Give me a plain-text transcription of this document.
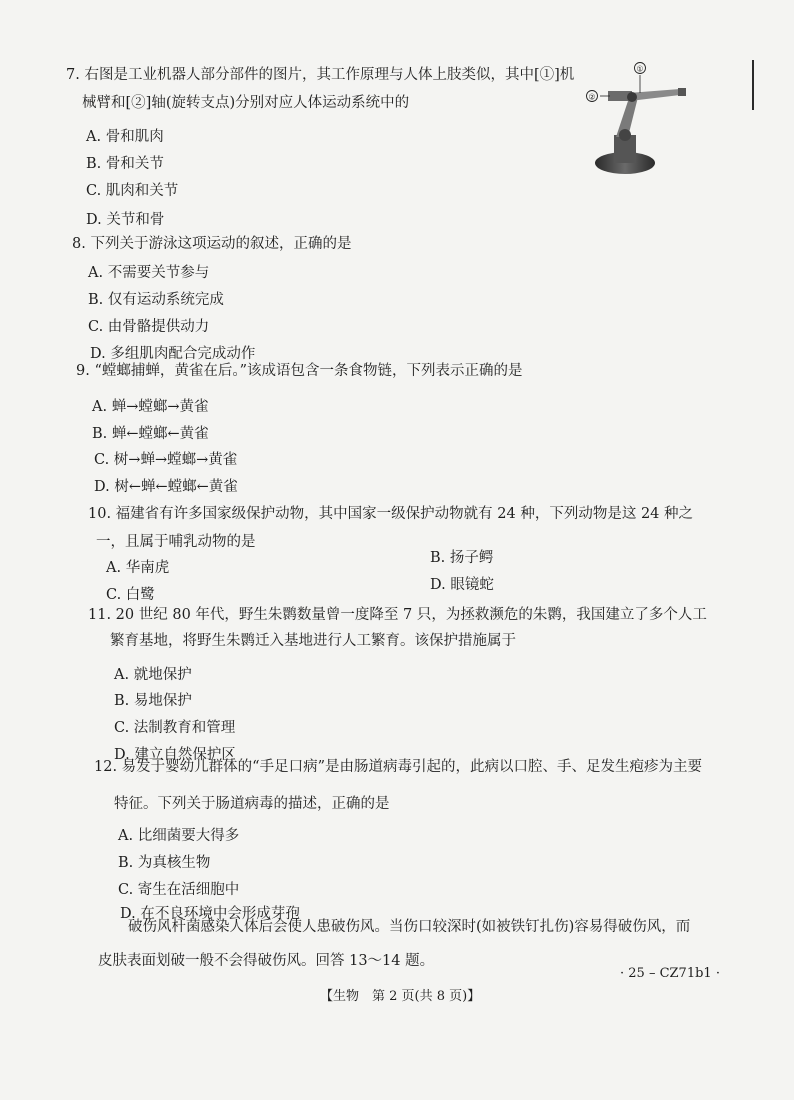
7. 右图是工业机器人部分部件的图片，其工作原理与人体上肢类似，其中[①]机
械臂和[②]轴(旋转支点)分别对应人体运动系统中的
A. 骨和肌肉
B. 骨和关节
C. 肌肉和关节
D. 关节和骨
①
②
8. 下列关于游泳这项运动的叙述，正确的是
A. 不需要关节参与
B. 仅有运动系统完成
C. 由骨骼提供动力
D. 多组肌肉配合完成动作
9. “螳螂捕蝉，黄雀在后。”该成语包含一条食物链，下列表示正确的是
A. 蝉→螳螂→黄雀
B. 蝉←螳螂←黄雀
C. 树→蝉→螳螂→黄雀
D. 树←蝉←螳螂←黄雀
10. 福建省有许多国家级保护动物，其中国家一级保护动物就有 24 种，下列动物是这 24 种之
一，且属于哺乳动物的是
B. 扬子鳄
A. 华南虎
D. 眼镜蛇
C. 白鹭
11. 20 世纪 80 年代，野生朱鹮数量曾一度降至 7 只，为拯救濒危的朱鹮，我国建立了多个人工
繁育基地，将野生朱鹮迁入基地进行人工繁育。该保护措施属于
A. 就地保护
B. 易地保护
C. 法制教育和管理
D. 建立自然保护区
12. 易发于婴幼儿群体的“手足口病”是由肠道病毒引起的，此病以口腔、手、足发生疱疹为主要
特征。下列关于肠道病毒的描述，正确的是
A. 比细菌要大得多
B. 为真核生物
C. 寄生在活细胞中
D. 在不良环境中会形成芽孢
破伤风杆菌感染人体后会使人患破伤风。当伤口较深时(如被铁钉扎伤)容易得破伤风，而
皮肤表面划破一般不会得破伤风。回答 13～14 题。
【生物　第 2 页(共 8 页)】
· 25 – CZ71b1 ·
